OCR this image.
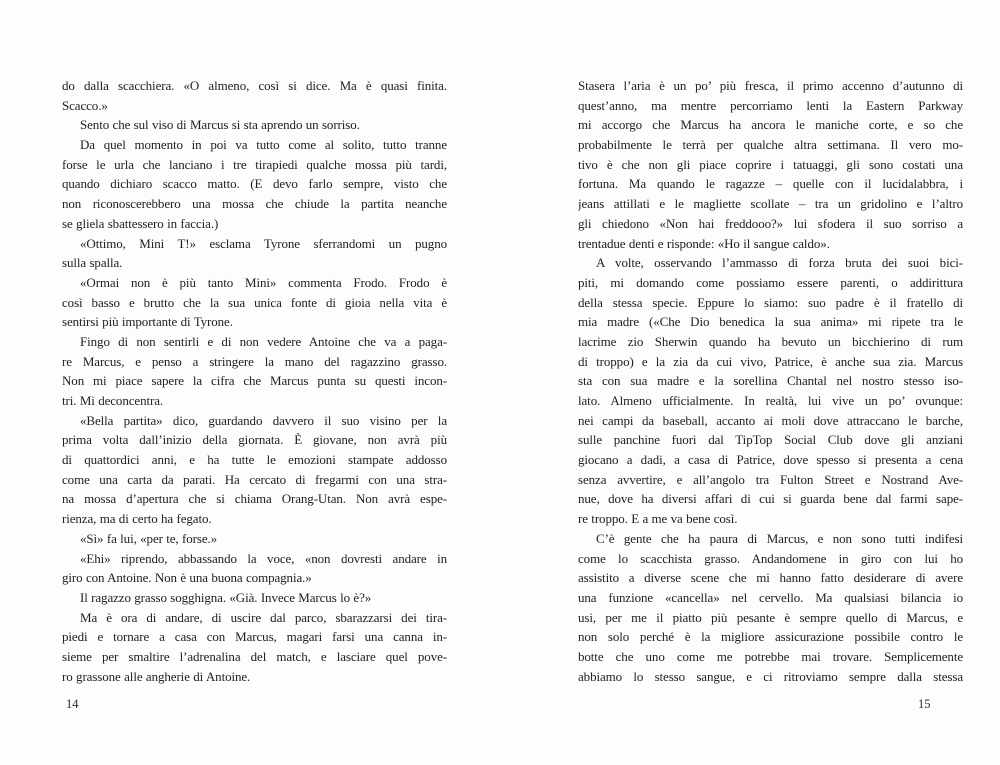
do dalla scacchiera. «O almeno, così si dice. Ma è quasi finita.
Scacco.»
Sento che sul viso di Marcus si sta aprendo un sorriso.
Da quel momento in poi va tutto come al solito, tutto tranne
forse le urla che lanciano i tre tirapiedi qualche mossa più tardi,
quando dichiaro scacco matto. (E devo farlo sempre, visto che
non riconoscerebbero una mossa che chiude la partita neanche
se gliela sbattessero in faccia.)
«Ottimo, Mini T!» esclama Tyrone sferrandomi un pugno
sulla spalla.
«Ormai non è più tanto Mini» commenta Frodo. Frodo è
così basso e brutto che la sua unica fonte di gioia nella vita è
sentirsi più importante di Tyrone.
Fingo di non sentirli e di non vedere Antoine che va a paga-
re Marcus, e penso a stringere la mano del ragazzino grasso.
Non mi piace sapere la cifra che Marcus punta su questi incon-
tri. Mi deconcentra.
«Bella partita» dico, guardando davvero il suo visino per la
prima volta dall’inizio della giornata. È giovane, non avrà più
di quattordici anni, e ha tutte le emozioni stampate addosso
come una carta da parati. Ha cercato di fregarmi con una stra-
na mossa d’apertura che si chiama Orang-Utan. Non avrà espe-
rienza, ma di certo ha fegato.
«Sì» fa lui, «per te, forse.»
«Ehi» riprendo, abbassando la voce, «non dovresti andare in
giro con Antoine. Non è una buona compagnia.»
Il ragazzo grasso sogghigna. «Già. Invece Marcus lo è?»
Ma è ora di andare, di uscire dal parco, sbarazzarsi dei tira-
piedi e tornare a casa con Marcus, magari farsi una canna in-
sieme per smaltire l’adrenalina del match, e lasciare quel pove-
ro grassone alle angherie di Antoine.
14
Stasera l’aria è un po’ più fresca, il primo accenno d’autunno di
quest’anno, ma mentre percorriamo lenti la Eastern Parkway
mi accorgo che Marcus ha ancora le maniche corte, e so che
probabilmente le terrà per qualche altra settimana. Il vero mo-
tivo è che non gli piace coprire i tatuaggi, gli sono costati una
fortuna. Ma quando le ragazze – quelle con il lucidalabbra, i
jeans attillati e le magliette scollate – tra un gridolino e l’altro
gli chiedono «Non hai freddooo?» lui sfodera il suo sorriso a
trentadue denti e risponde: «Ho il sangue caldo».
A volte, osservando l’ammasso di forza bruta dei suoi bici-
piti, mi domando come possiamo essere parenti, o addirittura
della stessa specie. Eppure lo siamo: suo padre è il fratello di
mia madre («Che Dio benedica la sua anima» mi ripete tra le
lacrime zio Sherwin quando ha bevuto un bicchierino di rum
di troppo) e la zia da cui vivo, Patrice, è anche sua zia. Marcus
sta con sua madre e la sorellina Chantal nel nostro stesso iso-
lato. Almeno ufficialmente. In realtà, lui vive un po’ ovunque:
nei campi da baseball, accanto ai moli dove attraccano le barche,
sulle panchine fuori dal TipTop Social Club dove gli anziani
giocano a dadi, a casa di Patrice, dove spesso si presenta a cena
senza avvertire, e all’angolo tra Fulton Street e Nostrand Ave-
nue, dove ha diversi affari di cui si guarda bene dal farmi sape-
re troppo. E a me va bene così.
C’è gente che ha paura di Marcus, e non sono tutti indifesi
come lo scacchista grasso. Andandomene in giro con lui ho
assistito a diverse scene che mi hanno fatto desiderare di avere
una funzione «cancella» nel cervello. Ma qualsiasi bilancia io
usi, per me il piatto più pesante è sempre quello di Marcus, e
non solo perché è la migliore assicurazione possibile contro le
botte che uno come me potrebbe mai trovare. Semplicemente
abbiamo lo stesso sangue, e ci ritroviamo sempre dalla stessa
15
